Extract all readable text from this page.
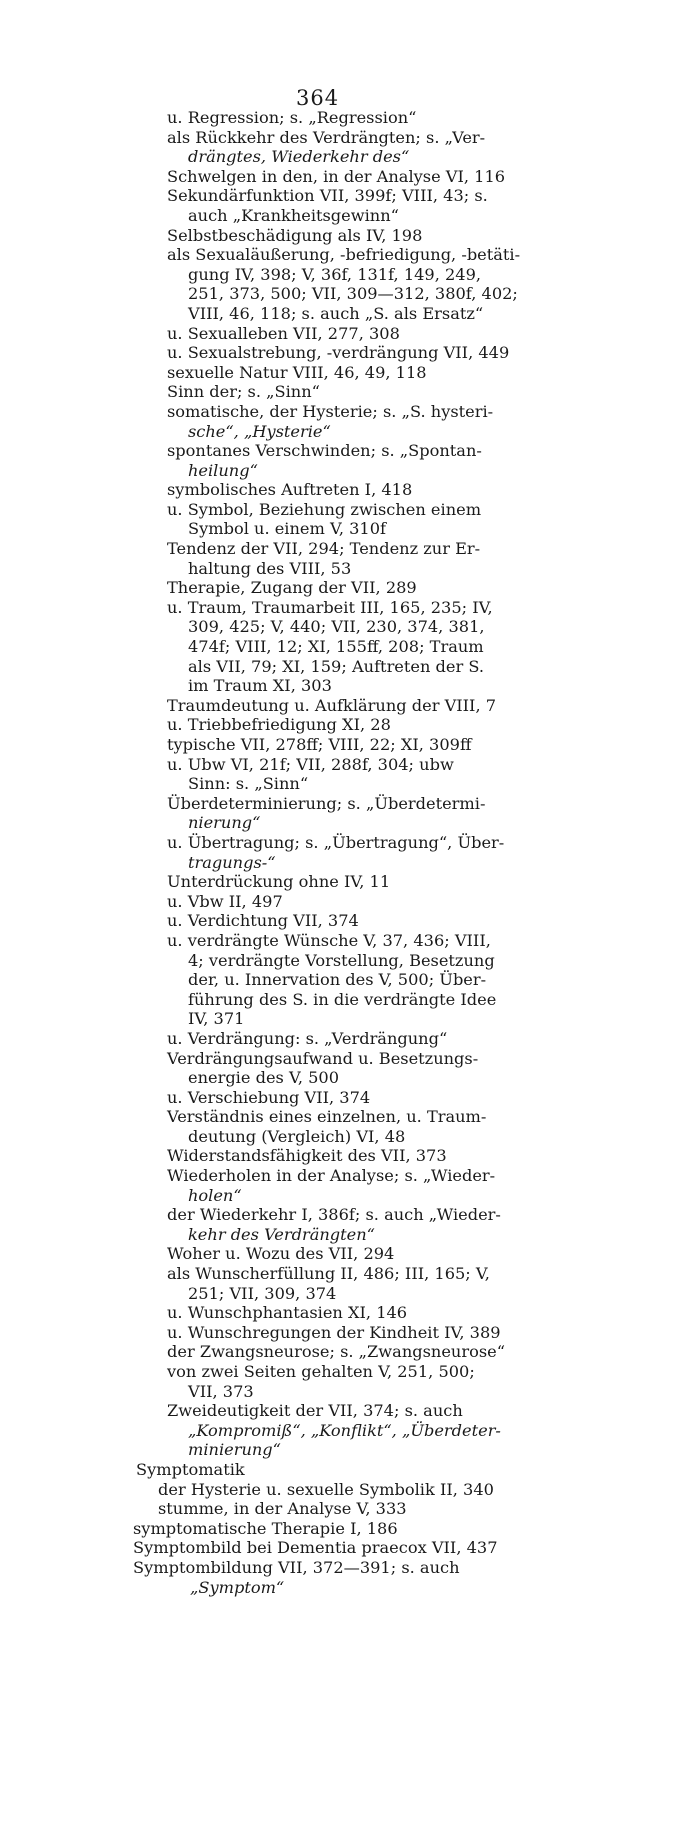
364
u. Regression; s. „Regression“
als Rückkehr des Verdrängten; s. „Ver-
drängtes, Wiederkehr des“
Schwelgen in den, in der Analyse VI, 116
Sekundärfunktion VII, 399f; VIII, 43; s.
auch „Krankheitsgewinn“
Selbstbeschädigung als IV, 198
als Sexualäußerung, -befriedigung, -betäti-
gung IV, 398; V, 36f, 131f, 149, 249,
251, 373, 500; VII, 309—312, 380f, 402;
VIII, 46, 118; s. auch „S. als Ersatz“
u. Sexualleben VII, 277, 308
u. Sexualstrebung, -verdrängung VII, 449
sexuelle Natur VIII, 46, 49, 118
Sinn der; s. „Sinn“
somatische, der Hysterie; s. „S. hysteri-
sche“, „Hysterie“
spontanes Verschwinden; s. „Spontan-
heilung“
symbolisches Auftreten I, 418
u. Symbol, Beziehung zwischen einem
Symbol u. einem V, 310f
Tendenz der VII, 294; Tendenz zur Er-
haltung des VIII, 53
Therapie, Zugang der VII, 289
u. Traum, Traumarbeit III, 165, 235; IV,
309, 425; V, 440; VII, 230, 374, 381,
474f; VIII, 12; XI, 155ff, 208; Traum
als VII, 79; XI, 159; Auftreten der S.
im Traum XI, 303
Traumdeutung u. Aufklärung der VIII, 7
u. Triebbefriedigung XI, 28
typische VII, 278ff; VIII, 22; XI, 309ff
u. Ubw VI, 21f; VII, 288f, 304; ubw
Sinn: s. „Sinn“
Überdeterminierung; s. „Überdetermi-
nierung“
u. Übertragung; s. „Übertragung“, Über-
tragungs-“
Unterdrückung ohne IV, 11
u. Vbw II, 497
u. Verdichtung VII, 374
u. verdrängte Wünsche V, 37, 436; VIII,
4; verdrängte Vorstellung, Besetzung
der, u. Innervation des V, 500; Über-
führung des S. in die verdrängte Idee
IV, 371
u. Verdrängung: s. „Verdrängung“
Verdrängungsaufwand u. Besetzungs-
energie des V, 500
u. Verschiebung VII, 374
Verständnis eines einzelnen, u. Traum-
deutung (Vergleich) VI, 48
Widerstandsfähigkeit des VII, 373
Wiederholen in der Analyse; s. „Wieder-
holen“
der Wiederkehr I, 386f; s. auch „Wieder-
kehr des Verdrängten“
Woher u. Wozu des VII, 294
als Wunscherfüllung II, 486; III, 165; V,
251; VII, 309, 374
u. Wunschphantasien XI, 146
u. Wunschregungen der Kindheit IV, 389
der Zwangsneurose; s. „Zwangsneurose“
von zwei Seiten gehalten V, 251, 500;
VII, 373
Zweideutigkeit der VII, 374; s. auch
„Kompromiß“, „Konflikt“, „Überdeter-
minierung“
Symptomatik
der Hysterie u. sexuelle Symbolik II, 340
stumme, in der Analyse V, 333
symptomatische Therapie I, 186
Symptombild bei Dementia praecox VII, 437
Symptombildung VII, 372—391; s. auch
„Symptom“
